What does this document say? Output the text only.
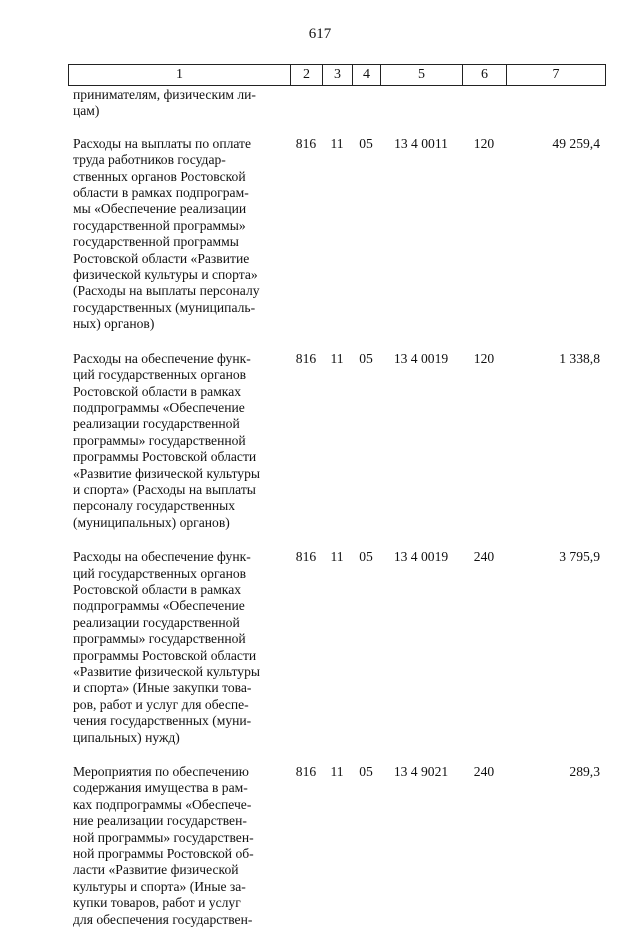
617
1	2	3	4	5	6	7
принимателям, физическим ли-
цам)
Расходы на выплаты по оплате
труда работников государ-
ственных органов Ростовской
области в рамках подпрограм-
мы «Обеспечение реализации
государственной программы»
государственной программы
Ростовской области «Развитие
физической культуры и спорта»
(Расходы на выплаты персоналу
государственных (муниципаль-
ных) органов)
816	11	05	13 4 0011	120	49 259,4
Расходы на обеспечение функ-
ций государственных органов
Ростовской области в рамках
подпрограммы «Обеспечение
реализации государственной
программы» государственной
программы Ростовской области
«Развитие физической культуры
и спорта» (Расходы на выплаты
персоналу государственных
(муниципальных) органов)
816	11	05	13 4 0019	120	1 338,8
Расходы на обеспечение функ-
ций государственных органов
Ростовской области в рамках
подпрограммы «Обеспечение
реализации государственной
программы» государственной
программы Ростовской области
«Развитие физической культуры
и спорта» (Иные закупки това-
ров, работ и услуг для обеспе-
чения государственных (муни-
ципальных) нужд)
816	11	05	13 4 0019	240	3 795,9
Мероприятия по обеспечению
содержания имущества в рам-
ках подпрограммы «Обеспече-
ние реализации государствен-
ной программы» государствен-
ной программы Ростовской об-
ласти «Развитие физической
культуры и спорта» (Иные за-
купки товаров, работ и услуг
для обеспечения государствен-
816	11	05	13 4 9021	240	289,3
